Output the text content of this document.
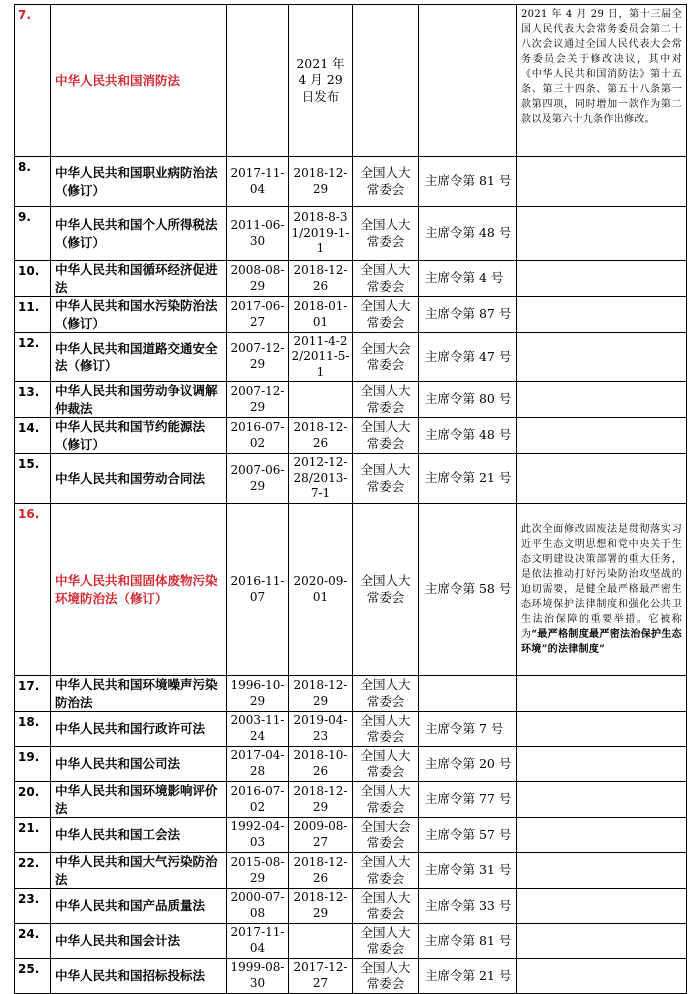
7.	中华人民共和国消防法		2021 年 4 月 29 日发布			2021 年 4 月 29 日，第十三届全国人民代表大会常务委员会第二十八次会议通过全国人民代表大会常务委员会关于修改决议，其中对《中华人民共和国消防法》第十五条、第三十四条、第五十八条第一款第四项，同时增加一款作为第二款以及第六十九条作出修改。
8.	中华人民共和国职业病防治法（修订）	2017-11-04	2018-12-29	全国人大常委会	主席令第 81 号	
9.	中华人民共和国个人所得税法（修订）	2011-06-30	2018-8-31/2019-1-1	全国人大常委会	主席令第 48 号	
10.	中华人民共和国循环经济促进法	2008-08-29	2018-12-26	全国人大常委会	主席令第 4 号	
11.	中华人民共和国水污染防治法（修订）	2017-06-27	2018-01-01	全国人大常委会	主席令第 87 号	
12.	中华人民共和国道路交通安全法（修订）	2007-12-29	2011-4-22/2011-5-1	全国大会常委会	主席令第 47 号	
13.	中华人民共和国劳动争议调解仲裁法	2007-12-29		全国人大常委会	主席令第 80 号	
14.	中华人民共和国节约能源法（修订）	2016-07-02	2018-12-26	全国人大常委会	主席令第 48 号	
15.	中华人民共和国劳动合同法	2007-06-29	2012-12-28/2013-7-1	全国人大常委会	主席令第 21 号	
16.	中华人民共和国固体废物污染环境防治法（修订）	2016-11-07	2020-09-01	全国人大常委会	主席令第 58 号	此次全面修改固废法是贯彻落实习近平生态文明思想和党中央关于生态文明建设决策部署的重大任务，是依法推动打好污染防治攻坚战的迫切需要，是健全最严格最严密生态环境保护法律制度和强化公共卫生法治保障的重要举措。它被称为“最严格制度最严密法治保护生态环境”的法律制度”
17.	中华人民共和国环境噪声污染防治法	1996-10-29	2018-12-29	全国人大常委会		
18.	中华人民共和国行政许可法	2003-11-24	2019-04-23	全国人大常委会	主席令第 7 号	
19.	中华人民共和国公司法	2017-04-28	2018-10-26	全国人大常委会	主席令第 20 号	
20.	中华人民共和国环境影响评价法	2016-07-02	2018-12-29	全国人大常委会	主席令第 77 号	
21.	中华人民共和国工会法	1992-04-03	2009-08-27	全国大会常委会	主席令第 57 号	
22.	中华人民共和国大气污染防治法	2015-08-29	2018-12-26	全国人大常委会	主席令第 31 号	
23.	中华人民共和国产品质量法	2000-07-08	2018-12-29	全国人大常委会	主席令第 33 号	
24.	中华人民共和国会计法	2017-11-04		全国人大常委会	主席令第 81 号	
25.	中华人民共和国招标投标法	1999-08-30	2017-12-27	全国人大常委会	主席令第 21 号	
